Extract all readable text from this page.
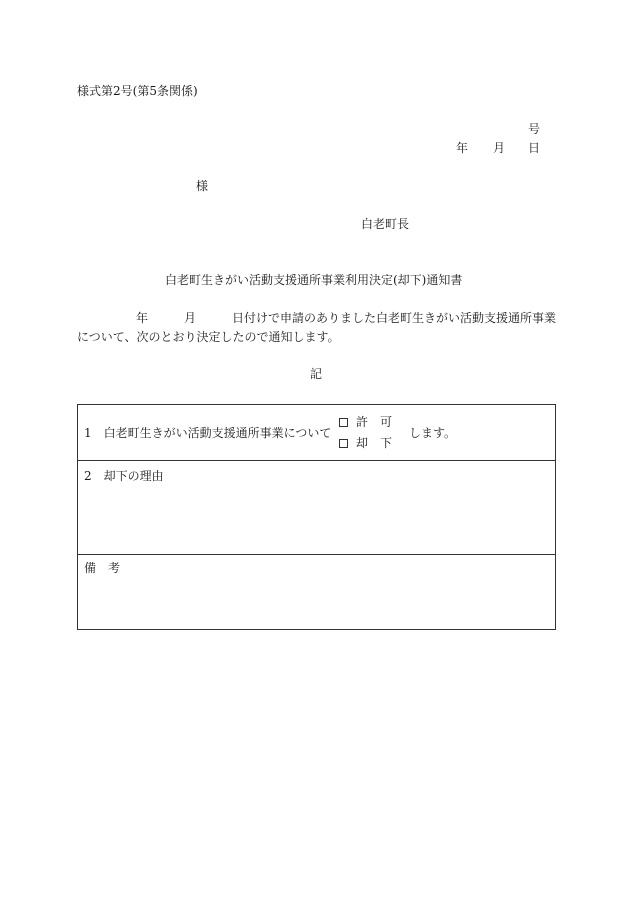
様式第2号(第5条関係)
号
年 月 日
様
白老町長
白老町生きがい活動支援通所事業利用決定(却下)通知書
年	月	日付けで申請のありました白老町生きがい活動支援通所事業
について、次のとおり決定したので通知します。
記
1　白老町生きがい活動支援通所事業について
許　可
却　下
します。
2　却下の理由
備　考
